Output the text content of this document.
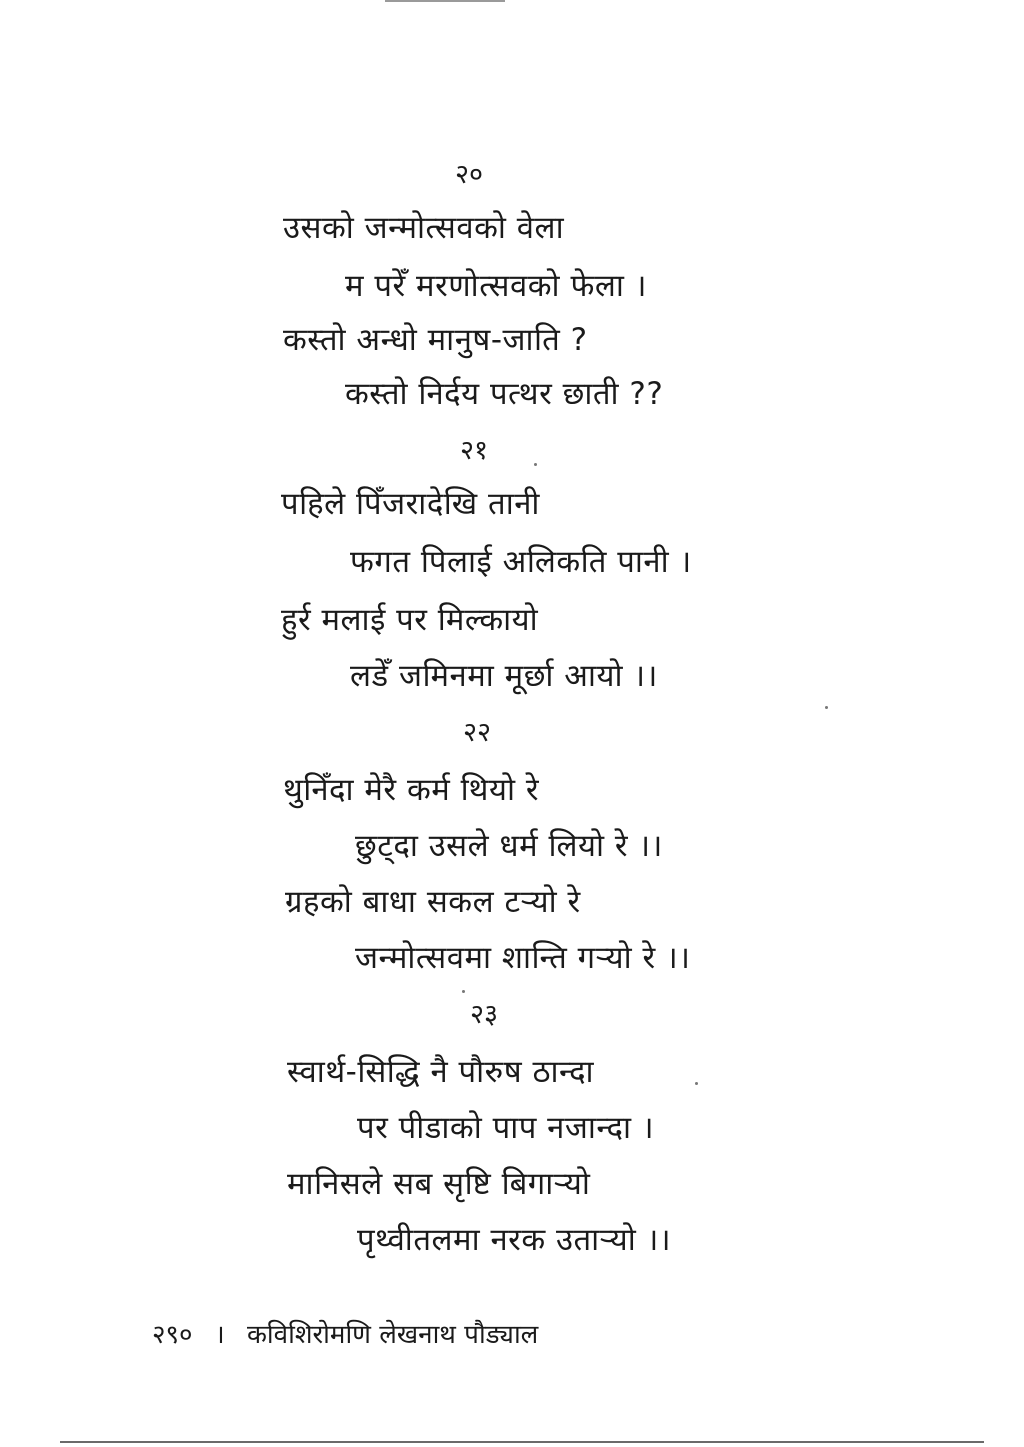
२०
उसको जन्मोत्सवको वेला
म परेँ मरणोत्सवको फेला ।
कस्तो अन्धो मानुष-जाति ?
कस्तो निर्दय पत्थर छाती ??
२१
पहिले पिँजरादेखि तानी
फगत पिलाई अलिकति पानी ।
हुर्र मलाई पर मिल्कायो
लडेँ जमिनमा मूर्छा आयो ।।
२२
थुनिँदा मेरै कर्म थियो रे
छुट्दा उसले धर्म लियो रे ।।
ग्रहको बाधा सकल टर्‍यो रे
जन्मोत्सवमा शान्ति गर्‍यो रे ।।
२३
स्वार्थ-सिद्धि नै पौरुष ठान्दा
पर पीडाको पाप नजान्दा ।
मानिसले सब सृष्टि बिगार्‍यो
पृथ्वीतलमा नरक उतार्‍यो ।।
२९० । कविशिरोमणि लेखनाथ पौड्याल
